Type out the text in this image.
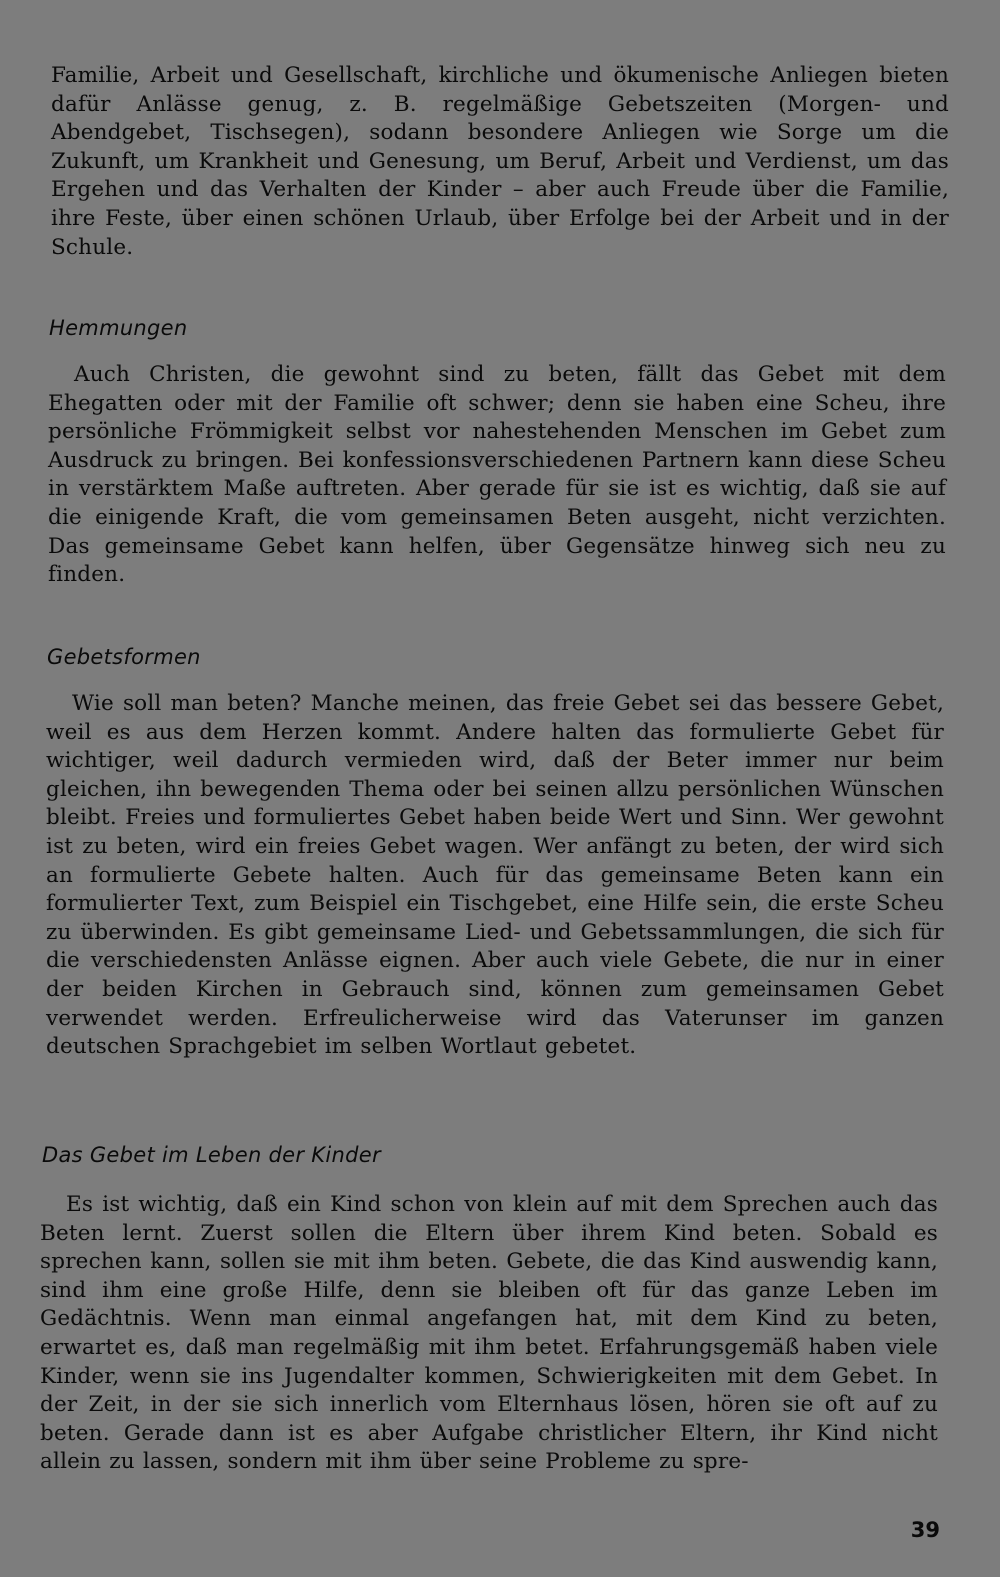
Familie, Arbeit und Gesellschaft, kirchliche und ökumenische Anliegen bieten dafür Anlässe genug, z. B. regelmäßige Gebetszeiten (Morgen- und Abendgebet, Tischsegen), sodann besondere Anliegen wie Sorge um die Zukunft, um Krankheit und Genesung, um Beruf, Arbeit und Verdienst, um das Ergehen und das Verhalten der Kinder – aber auch Freude über die Familie, ihre Feste, über einen schönen Urlaub, über Erfolge bei der Arbeit und in der Schule.

Hemmungen

Auch Christen, die gewohnt sind zu beten, fällt das Gebet mit dem Ehegatten oder mit der Familie oft schwer; denn sie haben eine Scheu, ihre persönliche Frömmigkeit selbst vor nahestehenden Menschen im Gebet zum Ausdruck zu bringen. Bei konfessionsverschiedenen Partnern kann diese Scheu in verstärktem Maße auftreten. Aber gerade für sie ist es wichtig, daß sie auf die einigende Kraft, die vom gemeinsamen Beten ausgeht, nicht verzichten. Das gemeinsame Gebet kann helfen, über Gegensätze hinweg sich neu zu finden.

Gebetsformen

Wie soll man beten? Manche meinen, das freie Gebet sei das bessere Gebet, weil es aus dem Herzen kommt. Andere halten das formulierte Gebet für wichtiger, weil dadurch vermieden wird, daß der Beter immer nur beim gleichen, ihn bewegenden Thema oder bei seinen allzu persönlichen Wünschen bleibt. Freies und formuliertes Gebet haben beide Wert und Sinn. Wer gewohnt ist zu beten, wird ein freies Gebet wagen. Wer anfängt zu beten, der wird sich an formulierte Gebete halten. Auch für das gemeinsame Beten kann ein formulierter Text, zum Beispiel ein Tischgebet, eine Hilfe sein, die erste Scheu zu überwinden. Es gibt gemeinsame Lied- und Gebetssammlungen, die sich für die verschiedensten Anlässe eignen. Aber auch viele Gebete, die nur in einer der beiden Kirchen in Gebrauch sind, können zum gemeinsamen Gebet verwendet werden. Erfreulicherweise wird das Vaterunser im ganzen deutschen Sprachgebiet im selben Wortlaut gebetet.

Das Gebet im Leben der Kinder

Es ist wichtig, daß ein Kind schon von klein auf mit dem Sprechen auch das Beten lernt. Zuerst sollen die Eltern über ihrem Kind beten. Sobald es sprechen kann, sollen sie mit ihm beten. Gebete, die das Kind auswendig kann, sind ihm eine große Hilfe, denn sie bleiben oft für das ganze Leben im Gedächtnis. Wenn man einmal angefangen hat, mit dem Kind zu beten, erwartet es, daß man regelmäßig mit ihm betet. Erfahrungsgemäß haben viele Kinder, wenn sie ins Jugendalter kommen, Schwierigkeiten mit dem Gebet. In der Zeit, in der sie sich innerlich vom Elternhaus lösen, hören sie oft auf zu beten. Gerade dann ist es aber Aufgabe christlicher Eltern, ihr Kind nicht allein zu lassen, sondern mit ihm über seine Probleme zu spre-

39
